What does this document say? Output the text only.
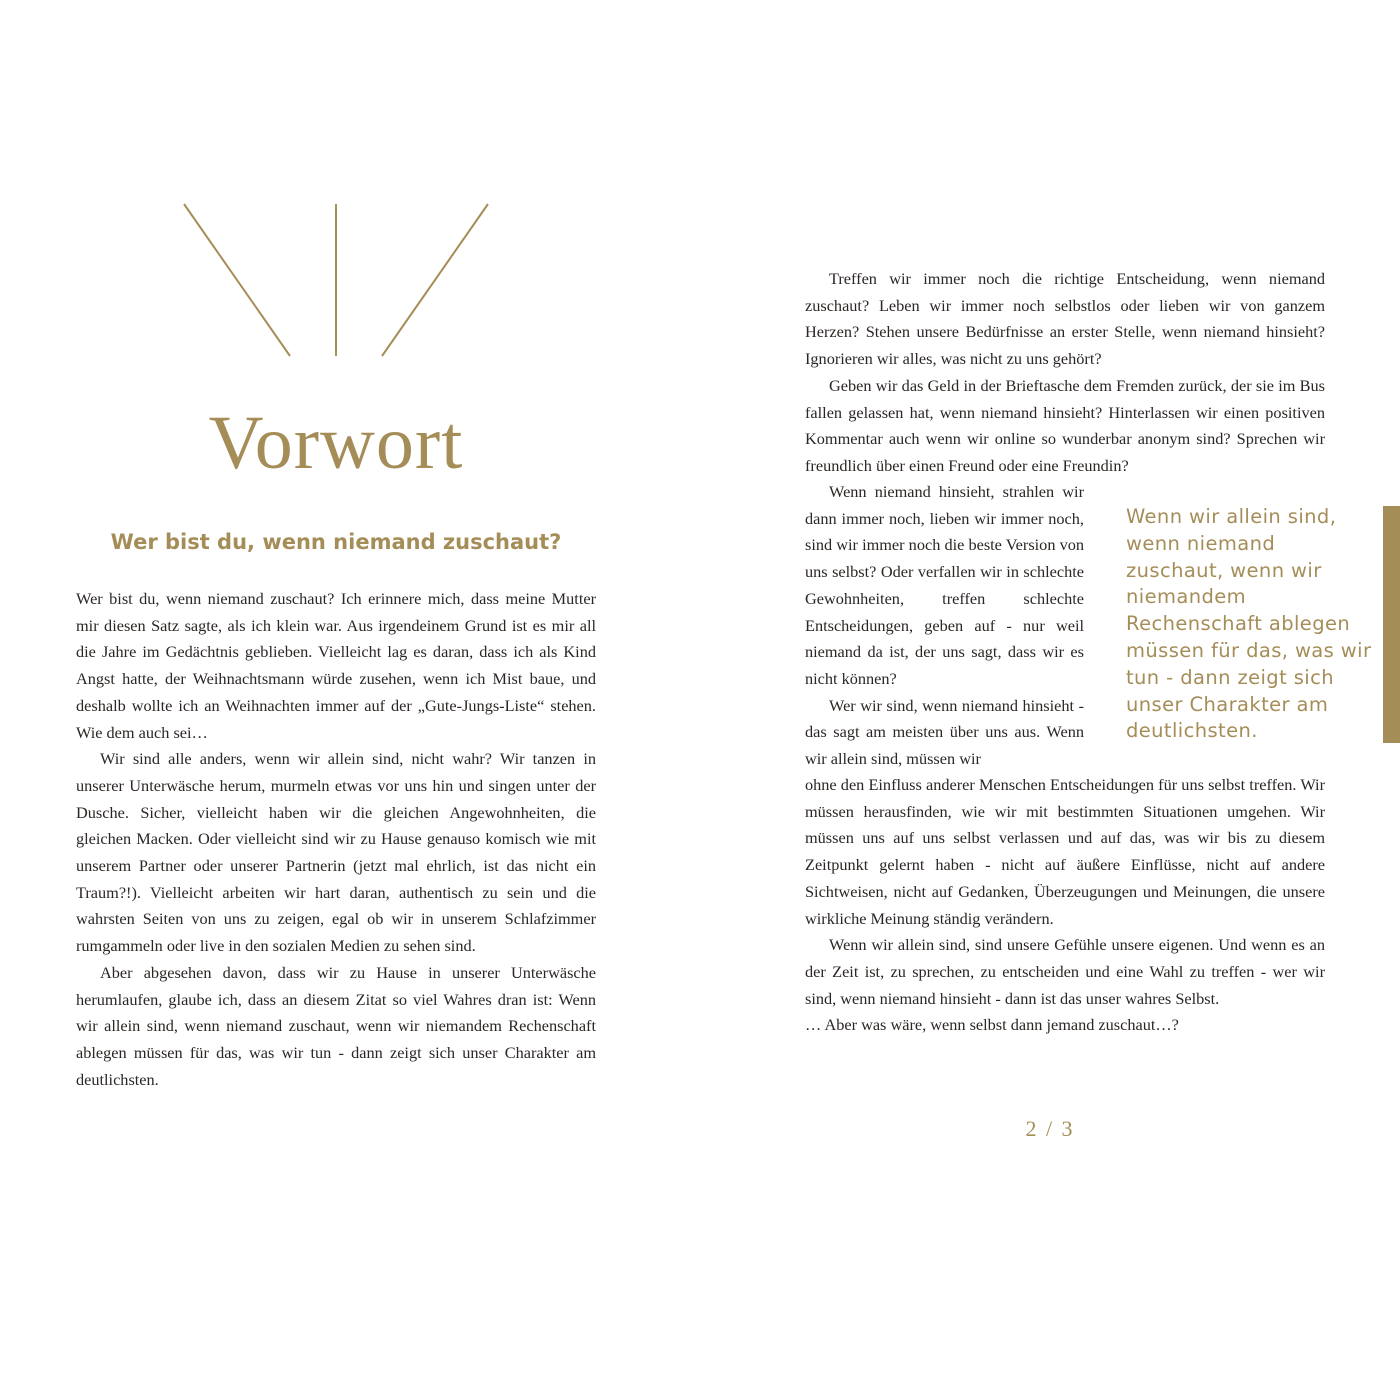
Vorwort
Wer bist du, wenn niemand zuschaut?

Wer bist du, wenn niemand zuschaut? Ich erinnere mich, dass meine Mutter mir diesen Satz sagte, als ich klein war. Aus irgendeinem Grund ist es mir all die Jahre im Gedächtnis geblieben. Vielleicht lag es daran, dass ich als Kind Angst hatte, der Weihnachtsmann würde zusehen, wenn ich Mist baue, und deshalb wollte ich an Weihnachten immer auf der „Gute-Jungs-Liste“ stehen. Wie dem auch sei…

Wir sind alle anders, wenn wir allein sind, nicht wahr? Wir tanzen in unserer Unterwäsche herum, murmeln etwas vor uns hin und singen unter der Dusche. Sicher, vielleicht haben wir die gleichen Angewohnheiten, die gleichen Macken. Oder vielleicht sind wir zu Hause genauso komisch wie mit unserem Partner oder unserer Partnerin (jetzt mal ehrlich, ist das nicht ein Traum?!). Vielleicht arbeiten wir hart daran, authentisch zu sein und die wahrsten Seiten von uns zu zeigen, egal ob wir in unserem Schlafzimmer rumgammeln oder live in den sozialen Medien zu sehen sind.

Aber abgesehen davon, dass wir zu Hause in unserer Unterwäsche herumlaufen, glaube ich, dass an diesem Zitat so viel Wahres dran ist: Wenn wir allein sind, wenn niemand zuschaut, wenn wir niemandem Rechenschaft ablegen müssen für das, was wir tun - dann zeigt sich unser Charakter am deutlichsten.

Treffen wir immer noch die richtige Entscheidung, wenn niemand zuschaut? Leben wir immer noch selbstlos oder lieben wir von ganzem Herzen? Stehen unsere Bedürfnisse an erster Stelle, wenn niemand hinsieht? Ignorieren wir alles, was nicht zu uns gehört?

Geben wir das Geld in der Brieftasche dem Fremden zurück, der sie im Bus fallen gelassen hat, wenn niemand hinsieht? Hinterlassen wir einen positiven Kommentar auch wenn wir online so wunderbar anonym sind? Sprechen wir freundlich über einen Freund oder eine Freundin?

Wenn niemand hinsieht, strahlen wir dann immer noch, lieben wir immer noch, sind wir immer noch die beste Version von uns selbst? Oder verfallen wir in schlechte Gewohnheiten, treffen schlechte Entscheidungen, geben auf - nur weil niemand da ist, der uns sagt, dass wir es nicht können?

Wer wir sind, wenn niemand hinsieht - das sagt am meisten über uns aus. Wenn wir allein sind, müssen wir

Wenn wir allein sind, wenn niemand zuschaut, wenn wir niemandem Rechenschaft ablegen müssen für das, was wir tun - dann zeigt sich unser Charakter am deutlichsten.

ohne den Einfluss anderer Menschen Entscheidungen für uns selbst treffen. Wir müssen herausfinden, wie wir mit bestimmten Situationen umgehen. Wir müssen uns auf uns selbst verlassen und auf das, was wir bis zu diesem Zeitpunkt gelernt haben - nicht auf äußere Einflüsse, nicht auf andere Sichtweisen, nicht auf Gedanken, Überzeugungen und Meinungen, die unsere wirkliche Meinung ständig verändern.

Wenn wir allein sind, sind unsere Gefühle unsere eigenen. Und wenn es an der Zeit ist, zu sprechen, zu entscheiden und eine Wahl zu treffen - wer wir sind, wenn niemand hinsieht - dann ist das unser wahres Selbst.

… Aber was wäre, wenn selbst dann jemand zuschaut…?

2 / 3
